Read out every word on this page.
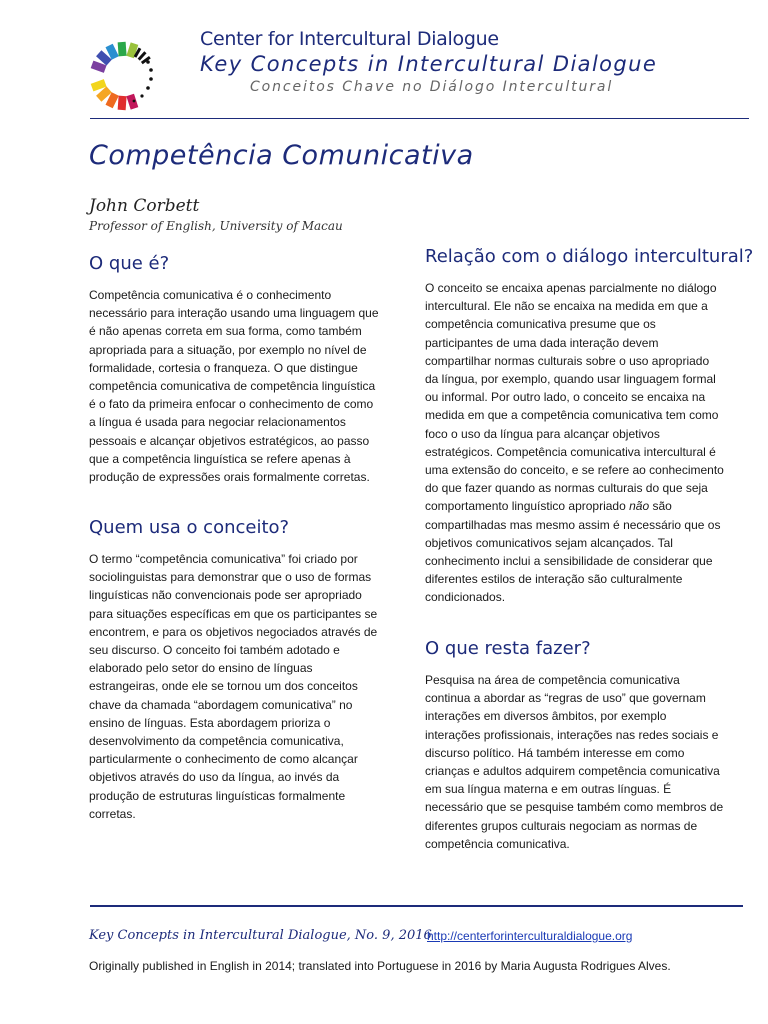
Center for Intercultural Dialogue
Key Concepts in Intercultural Dialogue
Conceitos Chave no Diálogo Intercultural
Competência Comunicativa
John Corbett
Professor of English, University of Macau
O que é?

Competência comunicativa é o conhecimento necessário para interação usando uma linguagem que é não apenas correta em sua forma, como também apropriada para a situação, por exemplo no nível de formalidade, cortesia o franqueza. O que distingue competência comunicativa de competência linguística é o fato da primeira enfocar o conhecimento de como a língua é usada para negociar relacionamentos pessoais e alcançar objetivos estratégicos, ao passo que a competência linguística se refere apenas à produção de expressões orais formalmente corretas.

Quem usa o conceito?

O termo “competência comunicativa” foi criado por sociolinguistas para demonstrar que o uso de formas linguísticas não convencionais pode ser apropriado para situações específicas em que os participantes se encontrem, e para os objetivos negociados através de seu discurso. O conceito foi também adotado e elaborado pelo setor do ensino de línguas estrangeiras, onde ele se tornou um dos conceitos chave da chamada “abordagem comunicativa” no ensino de línguas. Esta abordagem prioriza o desenvolvimento da competência comunicativa, particularmente o conhecimento de como alcançar objetivos através do uso da língua, ao invés da produção de estruturas linguísticas formalmente corretas.

Relação com o diálogo intercultural?

O conceito se encaixa apenas parcialmente no diálogo intercultural. Ele não se encaixa na medida em que a competência comunicativa presume que os participantes de uma dada interação devem compartilhar normas culturais sobre o uso apropriado da língua, por exemplo, quando usar linguagem formal ou informal. Por outro lado, o conceito se encaixa na medida em que a competência comunicativa tem como foco o uso da língua para alcançar objetivos estratégicos. Competência comunicativa intercultural é uma extensão do conceito, e se refere ao conhecimento do que fazer quando as normas culturais do que seja comportamento linguístico apropriado não são compartilhadas mas mesmo assim é necessário que os objetivos comunicativos sejam alcançados. Tal conhecimento inclui a sensibilidade de considerar que diferentes estilos de interação são culturalmente condicionados.

O que resta fazer?

Pesquisa na área de competência comunicativa continua a abordar as “regras de uso” que governam interações em diversos âmbitos, por exemplo interações profissionais, interações nas redes sociais e discurso político. Há também interesse em como crianças e adultos adquirem competência comunicativa em sua língua materna e em outras línguas. É necessário que se pesquise também como membros de diferentes grupos culturais negociam as normas de competência comunicativa.

Key Concepts in Intercultural Dialogue, No. 9, 2016
http://centerforinterculturaldialogue.org
Originally published in English in 2014; translated into Portuguese in 2016 by Maria Augusta Rodrigues Alves.
